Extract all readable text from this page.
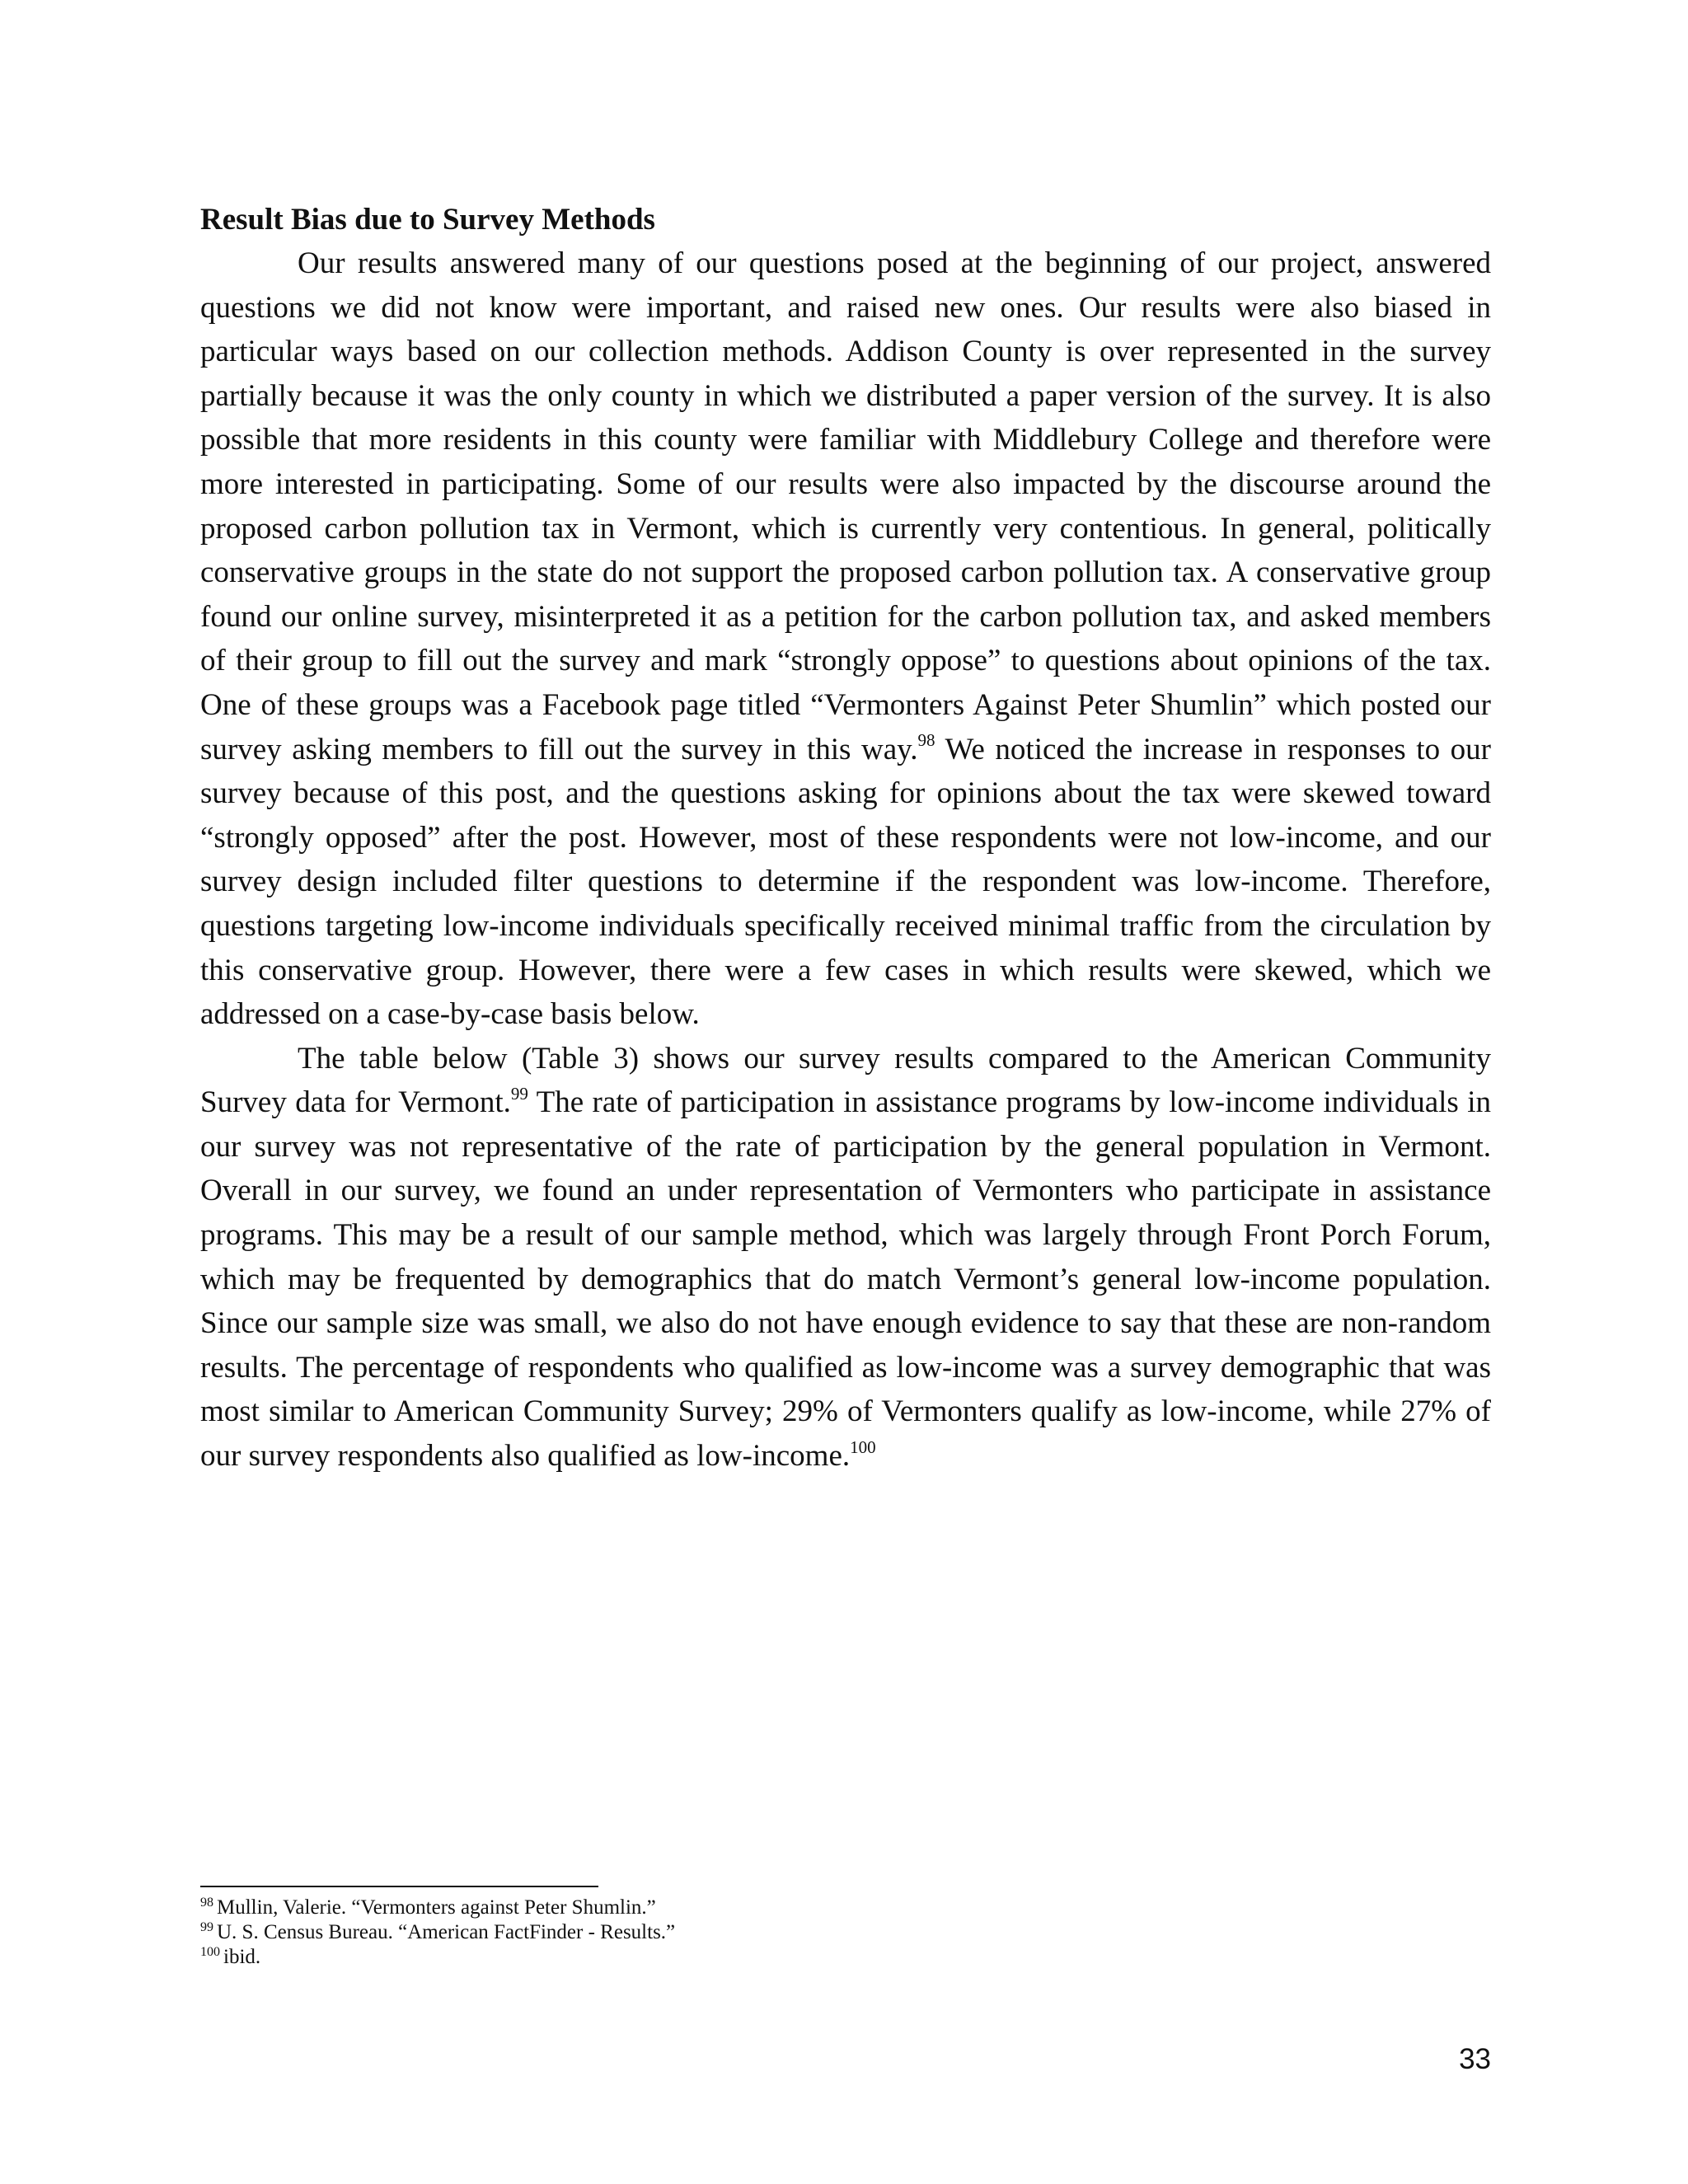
Result Bias due to Survey Methods

Our results answered many of our questions posed at the beginning of our project, answered questions we did not know were important, and raised new ones. Our results were also biased in particular ways based on our collection methods. Addison County is over represented in the survey partially because it was the only county in which we distributed a paper version of the survey. It is also possible that more residents in this county were familiar with Middlebury College and therefore were more interested in participating. Some of our results were also impacted by the discourse around the proposed carbon pollution tax in Vermont, which is currently very contentious. In general, politically conservative groups in the state do not support the proposed carbon pollution tax. A conservative group found our online survey, misinterpreted it as a petition for the carbon pollution tax, and asked members of their group to fill out the survey and mark “strongly oppose” to questions about opinions of the tax. One of these groups was a Facebook page titled “Vermonters Against Peter Shumlin” which posted our survey asking members to fill out the survey in this way.$^{98}$ We noticed the increase in responses to our survey because of this post, and the questions asking for opinions about the tax were skewed toward “strongly opposed” after the post. However, most of these respondents were not low-income, and our survey design included filter questions to determine if the respondent was low-income. Therefore, questions targeting low-income individuals specifically received minimal traffic from the circulation by this conservative group. However, there were a few cases in which results were skewed, which we addressed on a case-by-case basis below.

The table below (Table 3) shows our survey results compared to the American Community Survey data for Vermont.$^{99}$ The rate of participation in assistance programs by low-income individuals in our survey was not representative of the rate of participation by the general population in Vermont. Overall in our survey, we found an under representation of Vermonters who participate in assistance programs. This may be a result of our sample method, which was largely through Front Porch Forum, which may be frequented by demographics that do match Vermont’s general low-income population. Since our sample size was small, we also do not have enough evidence to say that these are non-random results. The percentage of respondents who qualified as low-income was a survey demographic that was most similar to American Community Survey; 29% of Vermonters qualify as low-income, while 27% of our survey respondents also qualified as low-income.$^{100}$

$^{98}$ Mullin, Valerie. “Vermonters against Peter Shumlin.”

$^{99}$ U. S. Census Bureau. “American FactFinder - Results.”

$^{100}$ ibid.

33
